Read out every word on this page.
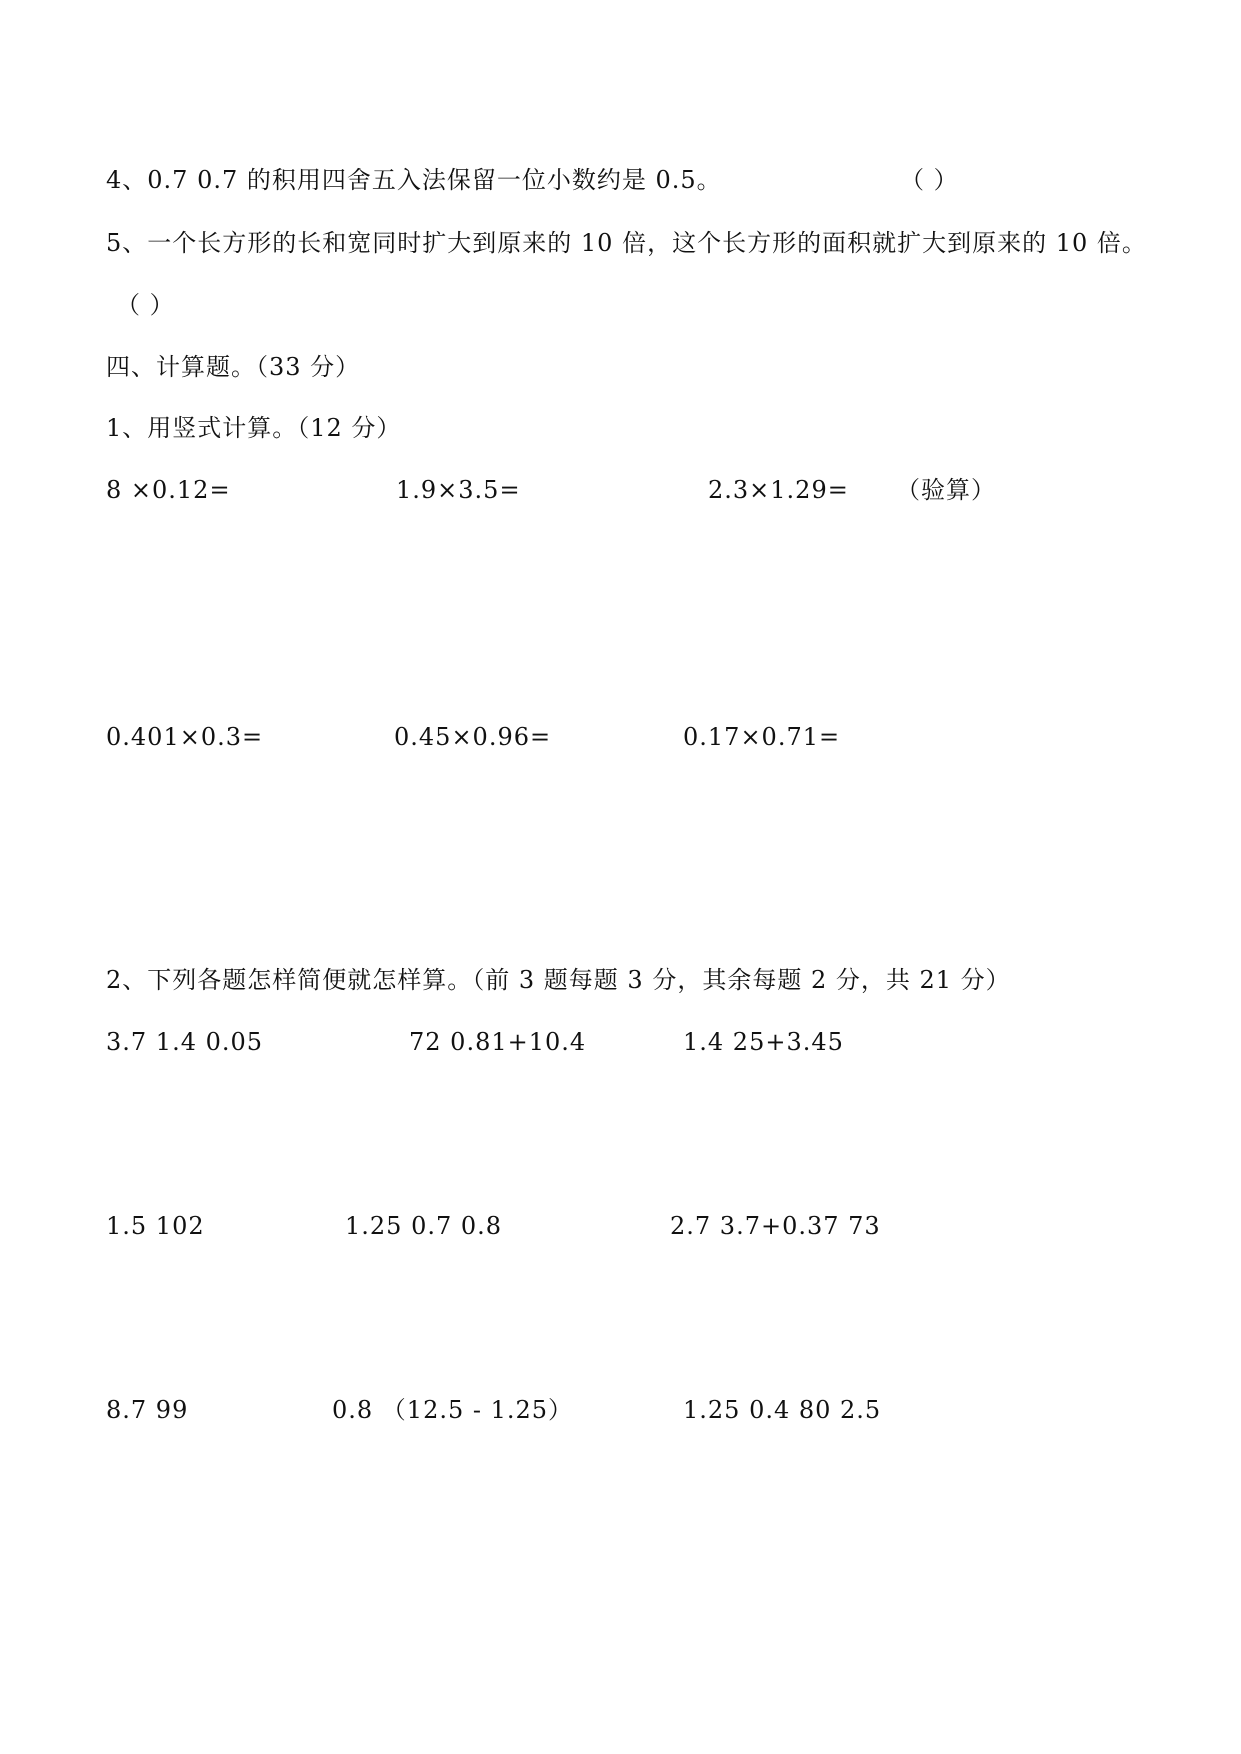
4、0.7 0.7 的积用四舍五入法保留一位小数约是 0.5。	（ ）
5、一个长方形的长和宽同时扩大到原来的 10 倍，这个长方形的面积就扩大到原来的 10 倍。
（ ）
四、计算题。（33 分）
1、用竖式计算。（12 分）
8 ×0.12=	1.9×3.5=	2.3×1.29= （验算）
0.401×0.3=	0.45×0.96=	0.17×0.71=
2、下列各题怎样简便就怎样算。（前 3 题每题 3 分，其余每题 2 分，共 21 分）
3.7 1.4 0.05	72 0.81+10.4	1.4 25+3.45
1.5 102	1.25 0.7 0.8	2.7 3.7+0.37 73
8.7 99	0.8 （12.5 - 1.25）	1.25 0.4 80 2.5
